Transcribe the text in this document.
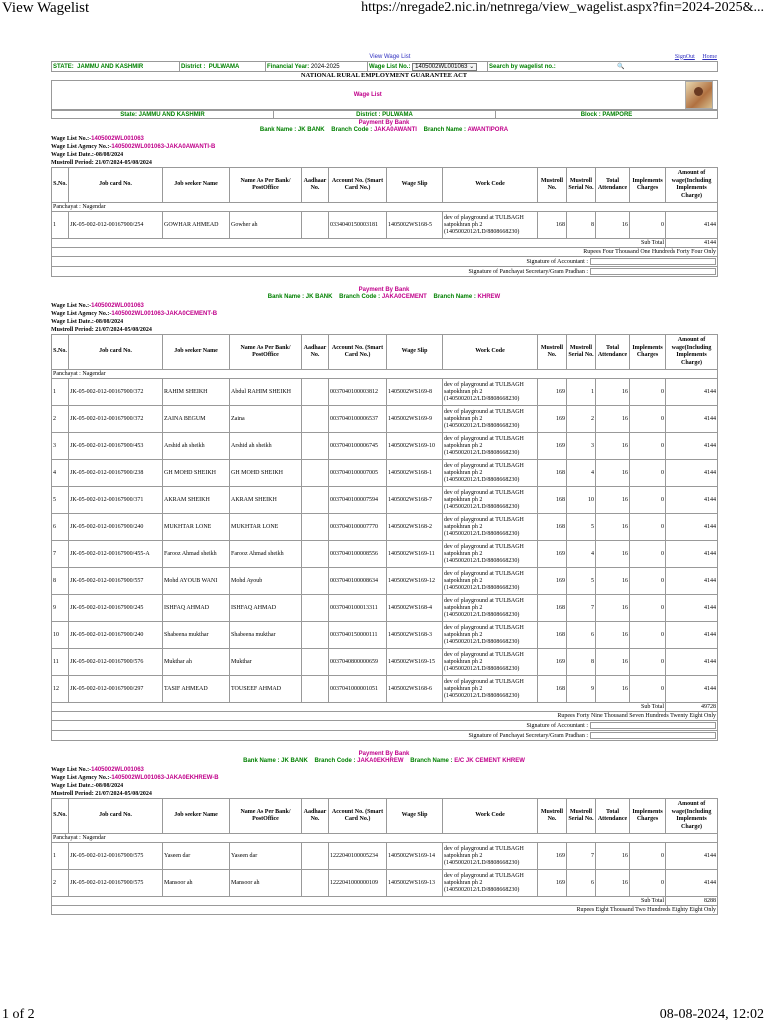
View Wagelist	https://nregade2.nic.in/netnrega/view_wagelist.aspx?fin=2024-2025&...
View Wage List	SignOut Home
STATE: JAMMU AND KASHMIR	District : PULWAMA	Financial Year: 2024-2025	Wage List No.: 1405002WL001063 ⌄	Search by wagelist no.:	🔍
NATIONAL RURAL EMPLOYMENT GUARANTEE ACT
Wage List	
State: JAMMU AND KASHMIR	District : PULWAMA	Block : PAMPORE
Payment By Bank
Bank Name : JK BANK Branch Code : JAKA0AWANTI Branch Name : AWANTIPORA
Wage List No.:-1405002WL001063
Wage List Agency No.:-1405002WL001063-JAKA0AWANTI-B
Wage List Date.:-08/08/2024
Mustroll Period: 21/07/2024-05/08/2024
S.No.	Job card No.	Job seeker Name	Name As Per Bank/ PostOffice	Aadhaar No.	Account No. (Smart Card No.)	Wage Slip	Work Code	Mustroll No.	Mustroll Serial No.	Total Attendance	Implements Charges	Amount of wage(Including Implements Charge)
Panchayat : Nagendar												
1	JK-05-002-012-00167900/254	GOWHAR AHMEAD	Gowher ah		0334040150003181	1405002WS168-5	dev of playground at TULBAGH satpokhran ph 2 (1405002012/LD/8808668230)	168	8	16	0	4144
Sub Total												4144
Rupees Four Thousand One Hundreds Forty Four Only												
Signature of Accountant :												
Signature of Panchayat Secretary/Gram Pradhan :												
Payment By Bank
Bank Name : JK BANK Branch Code : JAKA0CEMENT Branch Name : KHREW
Wage List No.:-1405002WL001063
Wage List Agency No.:-1405002WL001063-JAKA0CEMENT-B
Wage List Date.:-08/08/2024
Mustroll Period: 21/07/2024-05/08/2024
S.No.	Job card No.	Job seeker Name	Name As Per Bank/ PostOffice	Aadhaar No.	Account No. (Smart Card No.)	Wage Slip	Work Code	Mustroll No.	Mustroll Serial No.	Total Attendance	Implements Charges	Amount of wage(Including Implements Charge)
Panchayat : Nagendar												
1	JK-05-002-012-00167900/372	RAHIM SHEIKH	Abdul RAHIM SHEIKH		0037040100003812	1405002WS169-8	dev of playground at TULBAGH satpokhran ph 2 (1405002012/LD/8808668230)	169	1	16	0	4144
2	JK-05-002-012-00167900/372	ZAINA BEGUM	Zaina		0037040100006537	1405002WS169-9	dev of playground at TULBAGH satpokhran ph 2 (1405002012/LD/8808668230)	169	2	16	0	4144
3	JK-05-002-012-00167900/453	Arshid ah sheikh	Arshid ah sheikh		0037040100006745	1405002WS169-10	dev of playground at TULBAGH satpokhran ph 2 (1405002012/LD/8808668230)	169	3	16	0	4144
4	JK-05-002-012-00167900/238	GH MOHD SHEIKH	GH MOHD SHEIKH		0037040100007005	1405002WS168-1	dev of playground at TULBAGH satpokhran ph 2 (1405002012/LD/8808668230)	168	4	16	0	4144
5	JK-05-002-012-00167900/371	AKRAM SHEIKH	AKRAM SHEIKH		0037040100007594	1405002WS168-7	dev of playground at TULBAGH satpokhran ph 2 (1405002012/LD/8808668230)	168	10	16	0	4144
6	JK-05-002-012-00167900/240	MUKHTAR LONE	MUKHTAR LONE		0037040100007770	1405002WS168-2	dev of playground at TULBAGH satpokhran ph 2 (1405002012/LD/8808668230)	168	5	16	0	4144
7	JK-05-002-012-00167900/455-A	Farooz Ahmad sheikh	Farooz Ahmad sheikh		0037040100008556	1405002WS169-11	dev of playground at TULBAGH satpokhran ph 2 (1405002012/LD/8808668230)	169	4	16	0	4144
8	JK-05-002-012-00167900/557	Mohd AYOUB WANI	Mohd Ayoub		0037040100008634	1405002WS169-12	dev of playground at TULBAGH satpokhran ph 2 (1405002012/LD/8808668230)	169	5	16	0	4144
9	JK-05-002-012-00167900/245	ISHFAQ AHMAD	ISHFAQ AHMAD		0037040100013311	1405002WS168-4	dev of playground at TULBAGH satpokhran ph 2 (1405002012/LD/8808668230)	168	7	16	0	4144
10	JK-05-002-012-00167900/240	Shabeena mukthar	Shabeena mukthar		0037040150000111	1405002WS168-3	dev of playground at TULBAGH satpokhran ph 2 (1405002012/LD/8808668230)	168	6	16	0	4144
11	JK-05-002-012-00167900/576	Mukthar ah	Mukthar		0037040800000659	1405002WS169-15	dev of playground at TULBAGH satpokhran ph 2 (1405002012/LD/8808668230)	169	8	16	0	4144
12	JK-05-002-012-00167900/297	TASIF AHMEAD	TOUSEEF AHMAD		0037041000001051	1405002WS168-6	dev of playground at TULBAGH satpokhran ph 2 (1405002012/LD/8808668230)	168	9	16	0	4144
Sub Total												49728
Rupees Forty Nine Thousand Seven Hundreds Twenty Eight Only												
Signature of Accountant :												
Signature of Panchayat Secretary/Gram Pradhan :												
Payment By Bank
Bank Name : JK BANK Branch Code : JAKA0EKHREW Branch Name : E/C JK CEMENT KHREW
Wage List No.:-1405002WL001063
Wage List Agency No.:-1405002WL001063-JAKA0EKHREW-B
Wage List Date.:-08/08/2024
Mustroll Period: 21/07/2024-05/08/2024
S.No.	Job card No.	Job seeker Name	Name As Per Bank/ PostOffice	Aadhaar No.	Account No. (Smart Card No.)	Wage Slip	Work Code	Mustroll No.	Mustroll Serial No.	Total Attendance	Implements Charges	Amount of wage(Including Implements Charge)
Panchayat : Nagendar												
1	JK-05-002-012-00167900/575	Yaseen dar	Yaseen dar		1222040100005234	1405002WS169-14	dev of playground at TULBAGH satpokhran ph 2 (1405002012/LD/8808668230)	169	7	16	0	4144
2	JK-05-002-012-00167900/575	Mansoor ah	Mansoor ah		1222041000000109	1405002WS169-13	dev of playground at TULBAGH satpokhran ph 2 (1405002012/LD/8808668230)	169	6	16	0	4144
Sub Total												8288
Rupees Eight Thousand Two Hundreds Eighty Eight Only												
1 of 2	08-08-2024, 12:02
